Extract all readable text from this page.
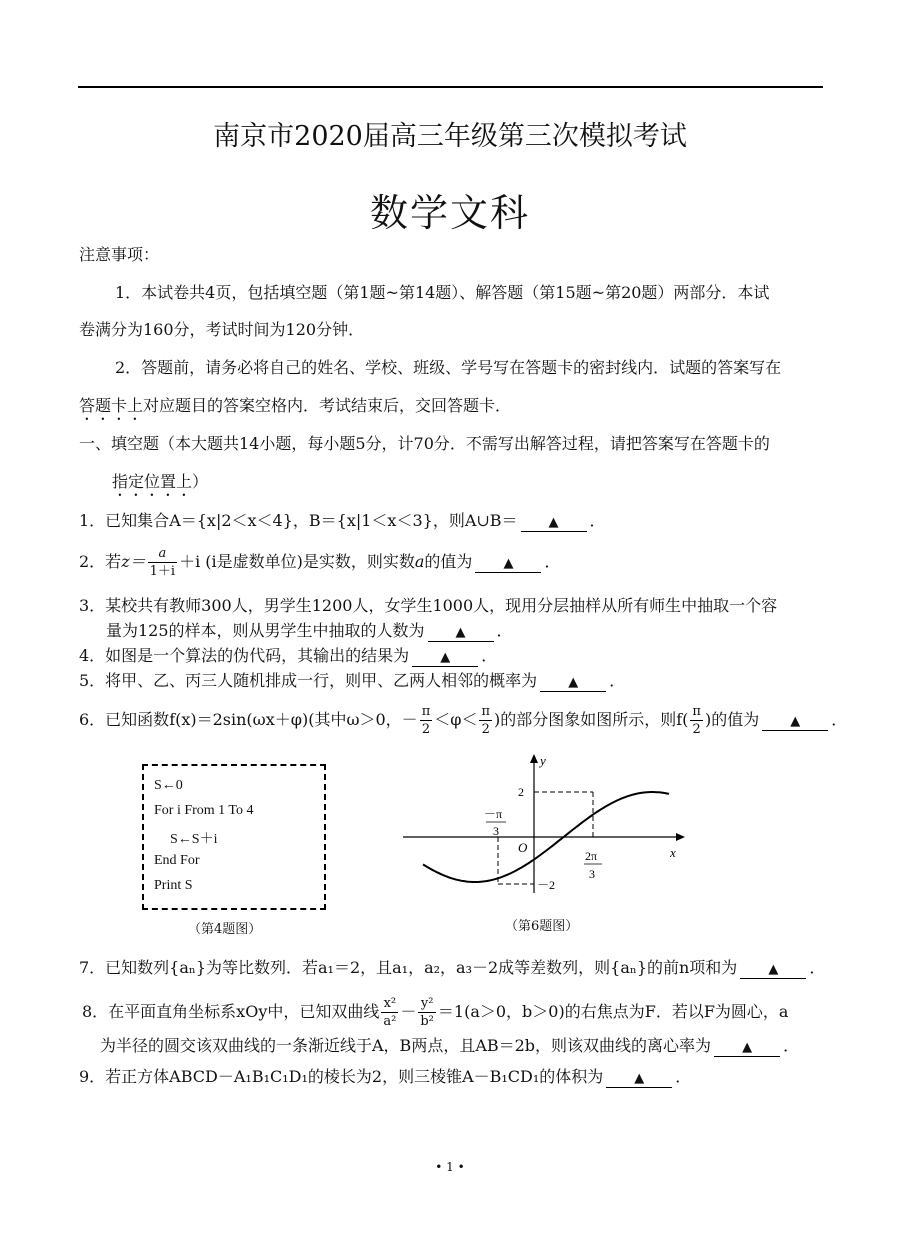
南京市2020届高三年级第三次模拟考试
数学文科
注意事项：
1．本试卷共4页，包括填空题（第1题~第14题）、解答题（第15题~第20题）两部分．本试
卷满分为160分，考试时间为120分钟．
2．答题前，请务必将自己的姓名、学校、班级、学号写在答题卡的密封线内．试题的答案写在
答题卡上对应题目的答案空格内．考试结束后，交回答题卡．
一、填空题（本大题共14小题，每小题5分，计70分．不需写出解答过程，请把答案写在答题卡的
指定位置上）
1．已知集合A＝{x|2＜x＜4}，B＝{x|1＜x＜3}，则A∪B＝ ▲ ．
2．若$z= \frac{a}{1+i} +i$ (i是虚数单位)是实数，则实数a的值为 ▲ ．
3．某校共有教师300人，男学生1200人，女学生1000人，现用分层抽样从所有师生中抽取一个容
量为125的样本，则从男学生中抽取的人数为 ▲ ．
4．如图是一个算法的伪代码，其输出的结果为 ▲ ．
5．将甲、乙、丙三人随机排成一行，则甲、乙两人相邻的概率为 ▲ ．
6．已知函数f(x)＝2sin(ωx＋φ)(其中ω＞0，－ $\frac{\pi}{2} <\varphi< \frac{\pi}{2}$ )的部分图象如图所示，则$f( \frac{\pi}{2}$ )的值为 ▲ ．
S←0
For i From 1 To 4
S←S＋i
End For
Print S
（第4题图）
y
x
O
2
－2
－π
3
2π
3
（第6题图）
7．已知数列{aₙ}为等比数列．若a₁＝2，且a₁，a₂，a₃－2成等差数列，则{aₙ}的前n项和为 ▲ ．
8．在平面直角坐标系xOy中，已知双曲线 $\frac{\text{x²}}{\text{a²}} - \frac{\text{y²}}{\text{b²}} =1(a>0$，b＞0)的右焦点为F．若以F为圆心，a
为半径的圆交该双曲线的一条渐近线于A，B两点，且AB＝2b，则该双曲线的离心率为 ▲ ．
9．若正方体ABCD－A₁B₁C₁D₁的棱长为2，则三棱锥A－B₁CD₁的体积为 ▲ ．
• 1 •
